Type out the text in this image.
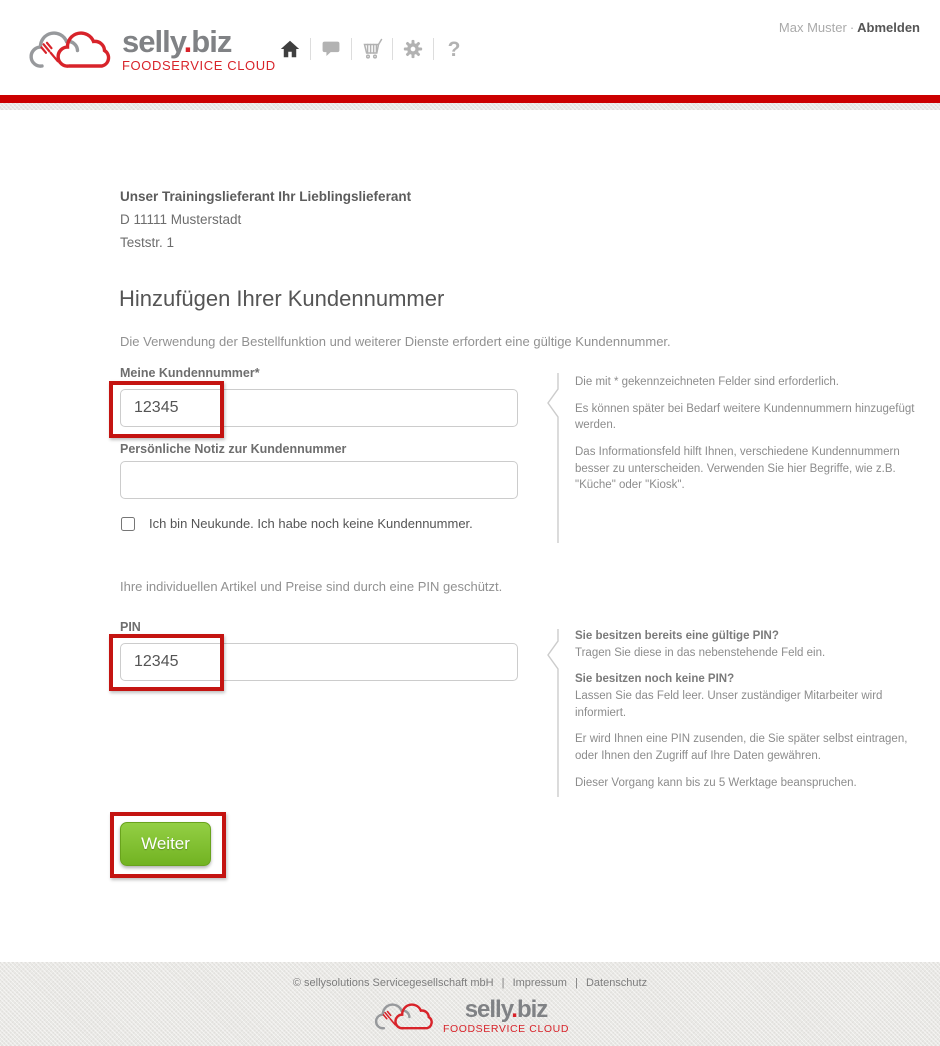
selly.biz
FOODSERVICE CLOUD
?
Max Muster · Abmelden
Unser Trainingslieferant Ihr Lieblingslieferant
D 11111 Musterstadt
Teststr. 1
Hinzufügen Ihrer Kundennummer
Die Verwendung der Bestellfunktion und weiterer Dienste erfordert eine gültige Kundennummer.
Meine Kundennummer*
12345
Persönliche Notiz zur Kundennummer
Ich bin Neukunde. Ich habe noch keine Kundennummer.
Ihre individuellen Artikel und Preise sind durch eine PIN geschützt.
PIN
12345
Weiter

Die mit * gekennzeichneten Felder sind erforderlich.

Es können später bei Bedarf weitere Kundennummern hinzugefügt werden.

Das Informationsfeld hilft Ihnen, verschiedene Kundennummern besser zu unterscheiden. Verwenden Sie hier Begriffe, wie z.B. "Küche" oder "Kiosk".

Sie besitzen bereits eine gültige PIN?
Tragen Sie diese in das nebenstehende Feld ein.

Sie besitzen noch keine PIN?
Lassen Sie das Feld leer. Unser zuständiger Mitarbeiter wird informiert.

Er wird Ihnen eine PIN zusenden, die Sie später selbst eintragen, oder Ihnen den Zugriff auf Ihre Daten gewähren.

Dieser Vorgang kann bis zu 5 Werktage beanspruchen.

© sellysolutions Servicegesellschaft mbH | Impressum | Datenschutz
selly.biz
FOODSERVICE CLOUD
